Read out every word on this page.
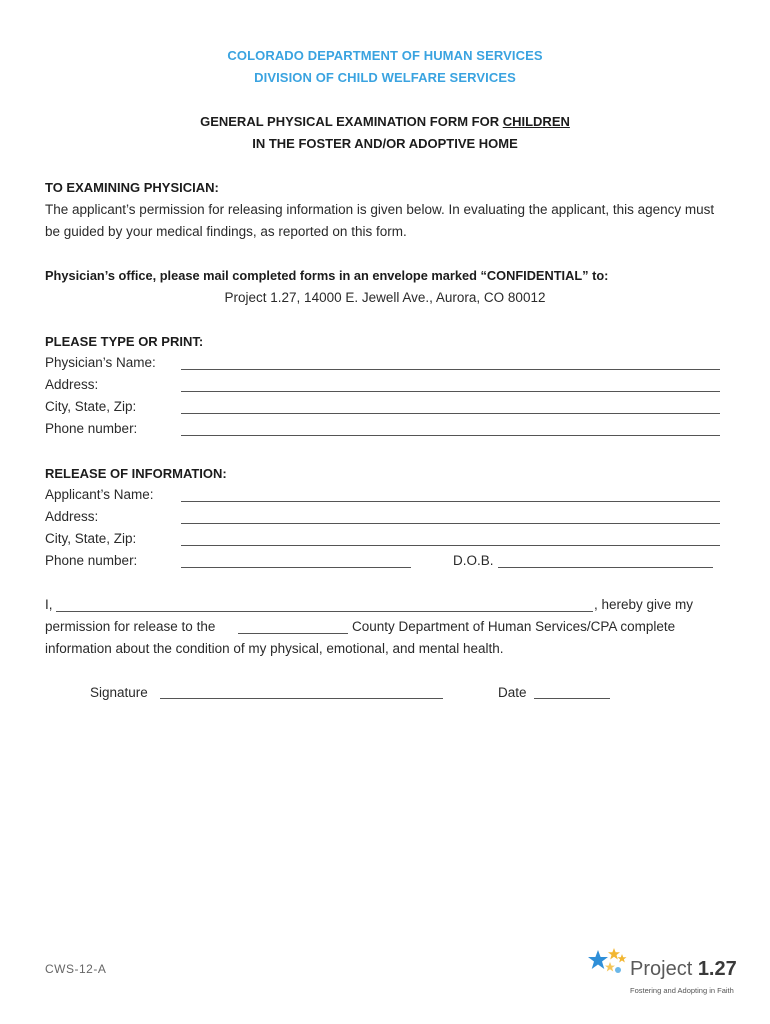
COLORADO DEPARTMENT OF HUMAN SERVICES
DIVISION OF CHILD WELFARE SERVICES
GENERAL PHYSICAL EXAMINATION FORM FOR CHILDREN
IN THE FOSTER AND/OR ADOPTIVE HOME
TO EXAMINING PHYSICIAN:
The applicant’s permission for releasing information is given below. In evaluating the applicant, this agency must be guided by your medical findings, as reported on this form.
Physician’s office, please mail completed forms in an envelope marked “CONFIDENTIAL” to:
Project 1.27, 14000 E. Jewell Ave., Aurora, CO 80012
PLEASE TYPE OR PRINT:
Physician’s Name:
Address:
City, State, Zip:
Phone number:
RELEASE OF INFORMATION:
Applicant’s Name:
Address:
City, State, Zip:
Phone number:	D.O.B.
I,	, hereby give my
permission for release to the	County Department of Human Services/CPA complete
information about the condition of my physical, emotional, and mental health.
Signature	Date
CWS-12-A	Project 1.27
Fostering and Adopting in Faith
